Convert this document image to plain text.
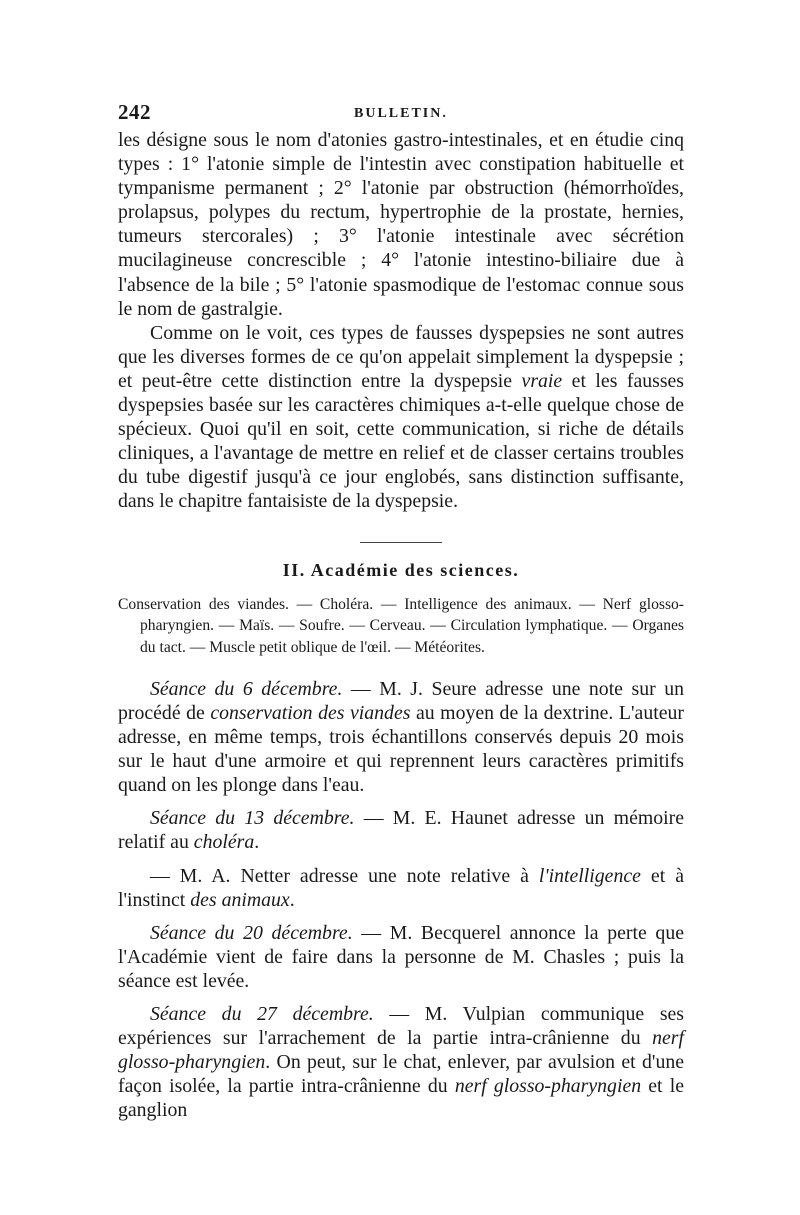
242	BULLETIN.

les désigne sous le nom d'atonies gastro-intestinales, et en étudie cinq types : 1° l'atonie simple de l'intestin avec constipation habituelle et tympanisme permanent ; 2° l'atonie par obstruction (hémorrhoïdes, prolapsus, polypes du rectum, hypertrophie de la prostate, hernies, tumeurs stercorales) ; 3° l'atonie intestinale avec sécrétion mucilagineuse concrescible ; 4° l'atonie intestino-biliaire due à l'absence de la bile ; 5° l'atonie spasmodique de l'estomac connue sous le nom de gastralgie.

Comme on le voit, ces types de fausses dyspepsies ne sont autres que les diverses formes de ce qu'on appelait simplement la dyspepsie ; et peut-être cette distinction entre la dyspepsie vraie et les fausses dyspepsies basée sur les caractères chimiques a-t-elle quelque chose de spécieux. Quoi qu'il en soit, cette communication, si riche de détails cliniques, a l'avantage de mettre en relief et de classer certains troubles du tube digestif jusqu'à ce jour englobés, sans distinction suffisante, dans le chapitre fantaisiste de la dyspepsie.

II. Académie des sciences.

Conservation des viandes. — Choléra. — Intelligence des animaux. — Nerf glosso-pharyngien. — Maïs. — Soufre. — Cerveau. — Circulation lymphatique. — Organes du tact. — Muscle petit oblique de l'œil. — Météorites.

Séance du 6 décembre. — M. J. Seure adresse une note sur un procédé de conservation des viandes au moyen de la dextrine. L'auteur adresse, en même temps, trois échantillons conservés depuis 20 mois sur le haut d'une armoire et qui reprennent leurs caractères primitifs quand on les plonge dans l'eau.

Séance du 13 décembre. — M. E. Haunet adresse un mémoire relatif au choléra.

— M. A. Netter adresse une note relative à l'intelligence et à l'instinct des animaux.

Séance du 20 décembre. — M. Becquerel annonce la perte que l'Académie vient de faire dans la personne de M. Chasles ; puis la séance est levée.

Séance du 27 décembre. — M. Vulpian communique ses expériences sur l'arrachement de la partie intra-crânienne du nerf glosso-pharyngien. On peut, sur le chat, enlever, par avulsion et d'une façon isolée, la partie intra-crânienne du nerf glosso-pharyngien et le ganglion
